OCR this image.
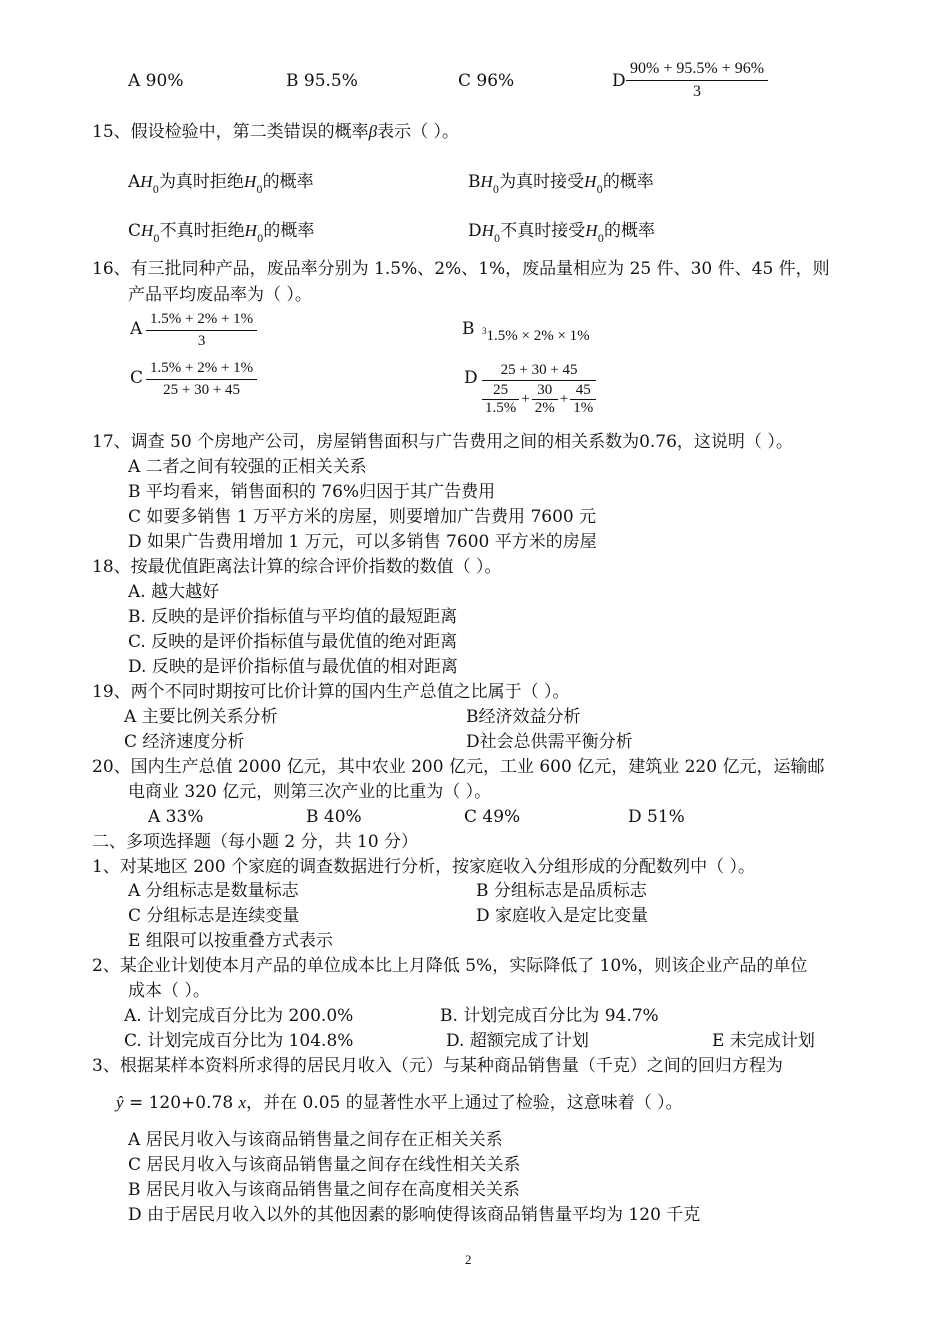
A 90%	B 95.5%	C 96%	D $\frac{90\% + 95.5\% + 96\%}{3}$
15、假设检验中，第二类错误的概率β表示（ ）。
$AH_0$为真时拒绝$H_0$的概率	$BH_0$为真时接受$H_0$的概率
$CH_0$不真时拒绝$H_0$的概率	$DH_0$不真时接受$H_0$的概率
16、有三批同种产品，废品率分别为 1.5%、2%、1%，废品量相应为 25 件、30 件、45 件，则
产品平均废品率为（ ）。
A $\frac{1.5\% + 2\% + 1\%}{3}$	B $^3$1.5% × 2% × 1%
C $\frac{1.5\% + 2\% + 1\%}{25 + 30 + 45}$	D	25 + 30 + 45
$\frac{25}{1.5\%} + \frac{30}{2\%} + \frac{45}{1\%}$
17、调查 50 个房地产公司，房屋销售面积与广告费用之间的相关系数为0.76，这说明（ ）。
A 二者之间有较强的正相关关系
B 平均看来，销售面积的 76%归因于其广告费用
C 如要多销售 1 万平方米的房屋，则要增加广告费用 7600 元
D 如果广告费用增加 1 万元，可以多销售 7600 平方米的房屋
18、按最优值距离法计算的综合评价指数的数值（ ）。
A. 越大越好
B. 反映的是评价指标值与平均值的最短距离
C. 反映的是评价指标值与最优值的绝对距离
D. 反映的是评价指标值与最优值的相对距离
19、两个不同时期按可比价计算的国内生产总值之比属于（ ）。
A 主要比例关系分析	B经济效益分析
C 经济速度分析	D社会总供需平衡分析
20、国内生产总值 2000 亿元，其中农业 200 亿元，工业 600 亿元，建筑业 220 亿元，运输邮
电商业 320 亿元，则第三次产业的比重为（ ）。
A 33%	B 40%	C 49%	D 51%
二、多项选择题（每小题 2 分，共 10 分）
1、对某地区 200 个家庭的调查数据进行分析，按家庭收入分组形成的分配数列中（ ）。
A 分组标志是数量标志	B 分组标志是品质标志
C 分组标志是连续变量	D 家庭收入是定比变量
E 组限可以按重叠方式表示
2、某企业计划使本月产品的单位成本比上月降低 5%，实际降低了 10%，则该企业产品的单位
成本（ ）。
A. 计划完成百分比为 200.0%	B. 计划完成百分比为 94.7%
C. 计划完成百分比为 104.8%	D. 超额完成了计划	E 未完成计划
3、根据某样本资料所求得的居民月收入（元）与某种商品销售量（千克）之间的回归方程为
ŷ = 120+0.78 x，并在 0.05 的显著性水平上通过了检验，这意味着（ ）。
A 居民月收入与该商品销售量之间存在正相关关系
C 居民月收入与该商品销售量之间存在线性相关关系
B 居民月收入与该商品销售量之间存在高度相关关系
D 由于居民月收入以外的其他因素的影响使得该商品销售量平均为 120 千克
2
